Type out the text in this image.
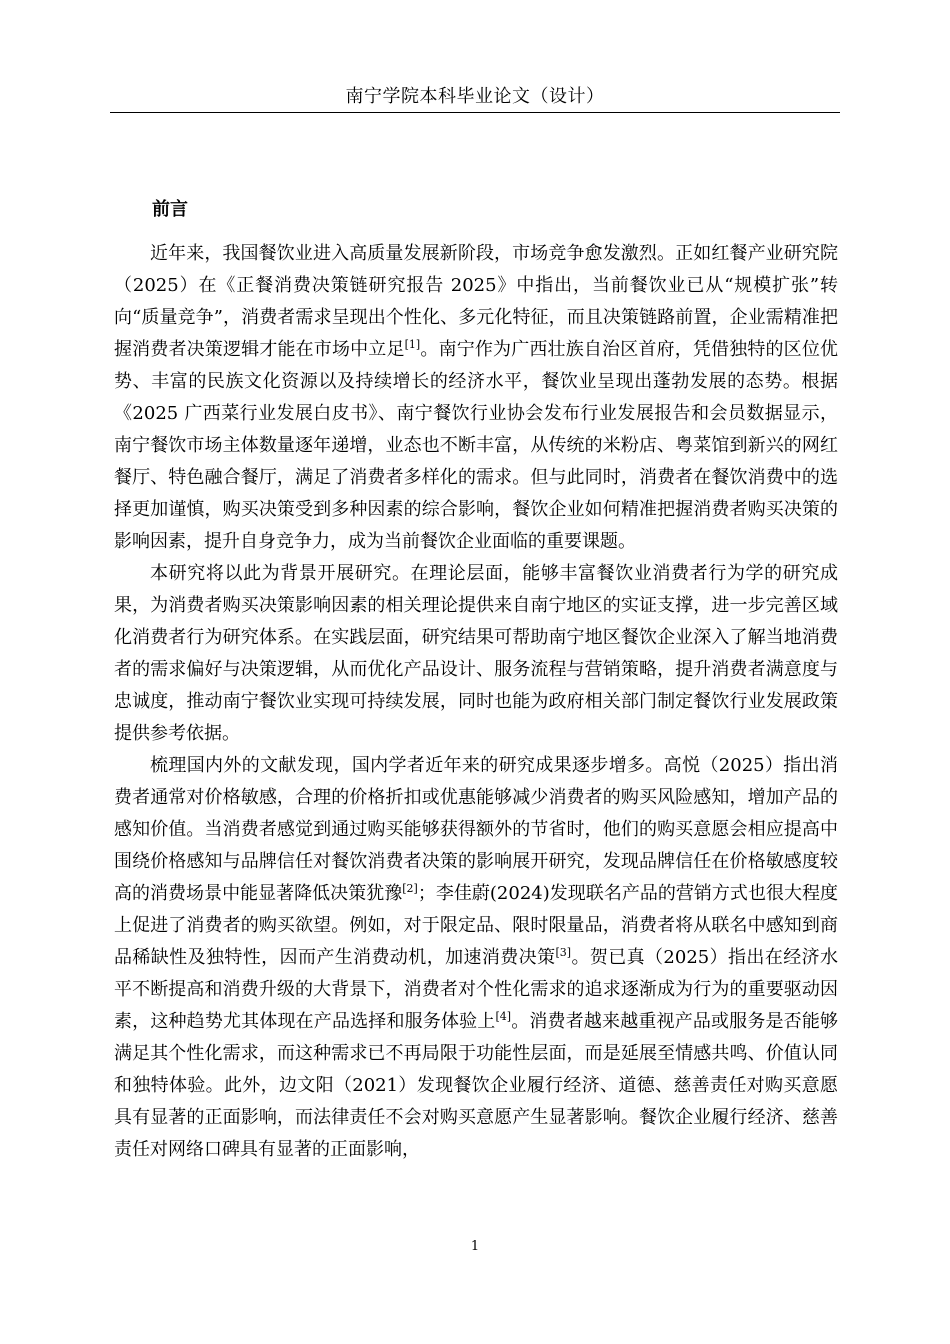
南宁学院本科毕业论文（设计）
前言

近年来，我国餐饮业进入高质量发展新阶段，市场竞争愈发激烈。正如红餐产业研究院（2025）在《正餐消费决策链研究报告 2025》中指出，当前餐饮业已从“规模扩张”转向“质量竞争”，消费者需求呈现出个性化、多元化特征，而且决策链路前置，企业需精准把握消费者决策逻辑才能在市场中立足[1]。南宁作为广西壮族自治区首府，凭借独特的区位优势、丰富的民族文化资源以及持续增长的经济水平，餐饮业呈现出蓬勃发展的态势。根据《2025 广西菜行业发展白皮书》、南宁餐饮行业协会发布行业发展报告和会员数据显示，南宁餐饮市场主体数量逐年递增，业态也不断丰富，从传统的米粉店、粤菜馆到新兴的网红餐厅、特色融合餐厅，满足了消费者多样化的需求。但与此同时，消费者在餐饮消费中的选择更加谨慎，购买决策受到多种因素的综合影响，餐饮企业如何精准把握消费者购买决策的影响因素，提升自身竞争力，成为当前餐饮企业面临的重要课题。

本研究将以此为背景开展研究。在理论层面，能够丰富餐饮业消费者行为学的研究成果，为消费者购买决策影响因素的相关理论提供来自南宁地区的实证支撑，进一步完善区域化消费者行为研究体系。在实践层面，研究结果可帮助南宁地区餐饮企业深入了解当地消费者的需求偏好与决策逻辑，从而优化产品设计、服务流程与营销策略，提升消费者满意度与忠诚度，推动南宁餐饮业实现可持续发展，同时也能为政府相关部门制定餐饮行业发展政策提供参考依据。

梳理国内外的文献发现，国内学者近年来的研究成果逐步增多。高悦（2025）指出消费者通常对价格敏感，合理的价格折扣或优惠能够减少消费者的购买风险感知，增加产品的感知价值。当消费者感觉到通过购买能够获得额外的节省时，他们的购买意愿会相应提高中围绕价格感知与品牌信任对餐饮消费者决策的影响展开研究，发现品牌信任在价格敏感度较高的消费场景中能显著降低决策犹豫[2]；李佳蔚(2024)发现联名产品的营销方式也很大程度上促进了消费者的购买欲望。例如，对于限定品、限时限量品，消费者将从联名中感知到商品稀缺性及独特性，因而产生消费动机，加速消费决策[3]。贺已真（2025）指出在经济水平不断提高和消费升级的大背景下，消费者对个性化需求的追求逐渐成为行为的重要驱动因素，这种趋势尤其体现在产品选择和服务体验上[4]。消费者越来越重视产品或服务是否能够满足其个性化需求，而这种需求已不再局限于功能性层面，而是延展至情感共鸣、价值认同和独特体验。此外，边文阳（2021）发现餐饮企业履行经济、道德、慈善责任对购买意愿具有显著的正面影响，而法律责任不会对购买意愿产生显著影响。餐饮企业履行经济、慈善责任对网络口碑具有显著的正面影响，

1
